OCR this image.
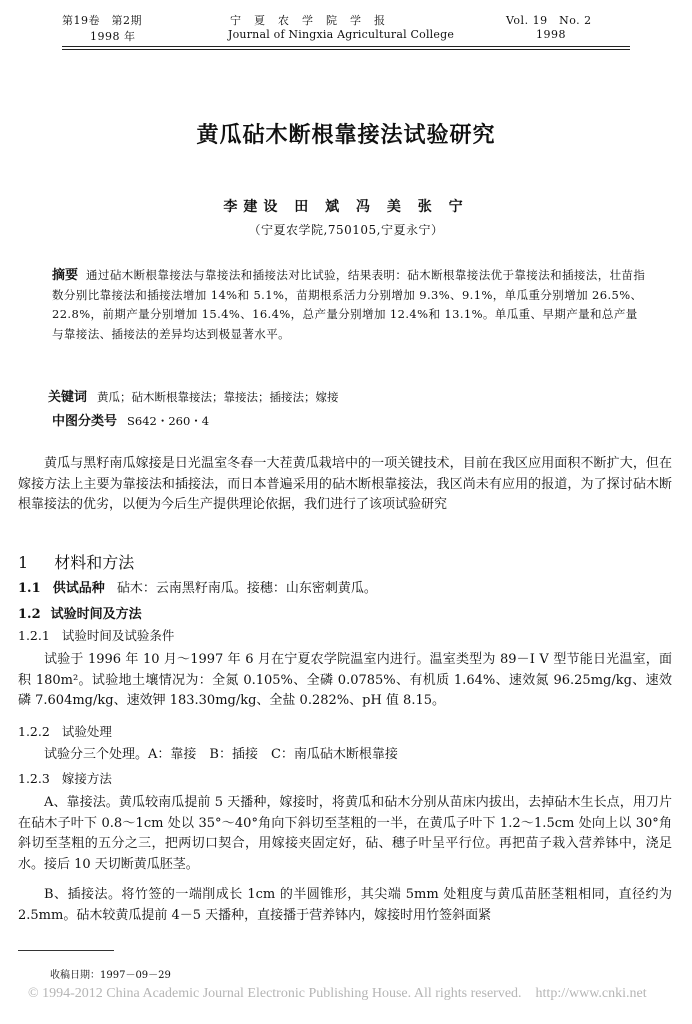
第19卷　第2期
1998 年
宁　夏　农　学　院　学　报
Journal of Ningxia Agricultural College
Vol. 19　No. 2
1998
黄瓜砧木断根靠接法试验研究
李建设 田 斌 冯 美 张 宁
（宁夏农学院,750105,宁夏永宁）

摘要 通过砧木断根靠接法与靠接法和插接法对比试验，结果表明：砧木断根靠接法优于靠接法和插接法，壮苗指数分别比靠接法和插接法增加 14%和 5.1%，苗期根系活力分别增加 9.3%、9.1%，单瓜重分别增加 26.5%、22.8%，前期产量分别增加 15.4%、16.4%，总产量分别增加 12.4%和 13.1%。单瓜重、早期产量和总产量与靠接法、插接法的差异均达到极显著水平。

关键词 黄瓜；砧木断根靠接法；靠接法；插接法；嫁接
中图分类号 S642・260・4

黄瓜与黑籽南瓜嫁接是日光温室冬春一大茬黄瓜栽培中的一项关键技术，目前在我区应用面积不断扩大，但在嫁接方法上主要为靠接法和插接法，而日本普遍采用的砧木断根靠接法，我区尚未有应用的报道，为了探讨砧木断根靠接法的优劣，以便为今后生产提供理论依据，我们进行了该项试验研究

1 材料和方法
1.1 供试品种 砧木：云南黑籽南瓜。接穗：山东密刺黄瓜。
1.2 试验时间及方法
1.2.1 试验时间及试验条件

试验于 1996 年 10 月～1997 年 6 月在宁夏农学院温室内进行。温室类型为 89－Ⅰ Ⅴ 型节能日光温室，面积 180m²。试验地土壤情况为：全氮 0.105%、全磷 0.0785%、有机质 1.64%、速效氮 96.25mg/kg、速效磷 7.604mg/kg、速效钾 183.30mg/kg、全盐 0.282%、pH 值 8.15。

1.2.2 试验处理

试验分三个处理。A：靠接　B：插接　C：南瓜砧木断根靠接

1.2.3 嫁接方法

A、靠接法。黄瓜较南瓜提前 5 天播种，嫁接时，将黄瓜和砧木分别从苗床内拔出，去掉砧木生长点，用刀片在砧木子叶下 0.8～1cm 处以 35°～40°角向下斜切至茎粗的一半，在黄瓜子叶下 1.2～1.5cm 处向上以 30°角斜切至茎粗的五分之三，把两切口契合，用嫁接夹固定好，砧、穗子叶呈平行位。再把苗子栽入营养钵中，浇足水。接后 10 天切断黄瓜胚茎。

B、插接法。将竹签的一端削成长 1cm 的半圆锥形，其尖端 5mm 处粗度与黄瓜苗胚茎粗相同，直径约为 2.5mm。砧木较黄瓜提前 4－5 天播种，直接播于营养钵内，嫁接时用竹签斜面紧

收稿日期：1997－09－29
© 1994-2012 China Academic Journal Electronic Publishing House. All rights reserved.　http://www.cnki.net
